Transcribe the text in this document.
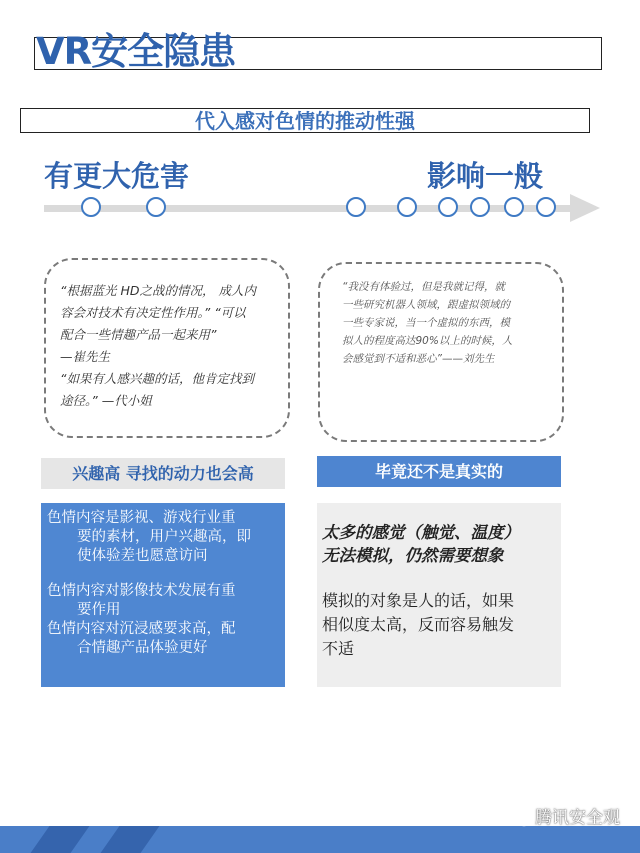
VR安全隐患
代入感对色情的推动性强
有更大危害	影响一般
“根据蓝光 HD之战的情况， 成人内
容会对技术有决定性作用。” “可以
配合一些情趣产品一起来用”
—崔先生
“如果有人感兴趣的话，他肯定找到
途径。” —代小姐
“我没有体验过，但是我就记得，就
一些研究机器人领域，跟虚拟领域的
一些专家说，当一个虚拟的东西，模
拟人的程度高达90%以上的时候，人
会感觉到不适和恶心”——刘先生
兴趣高 寻找的动力也会高	毕竟还不是真实的
色情内容是影视、游戏行业重
要的素材，用户兴趣高，即
使体验差也愿意访问
色情内容对影像技术发展有重
要作用
色情内容对沉浸感要求高，配
合情趣产品体验更好
太多的感觉（触觉、温度）
无法模拟，仍然需要想象
模拟的对象是人的话，如果
相似度太高，反而容易触发
不适
腾讯安全观
